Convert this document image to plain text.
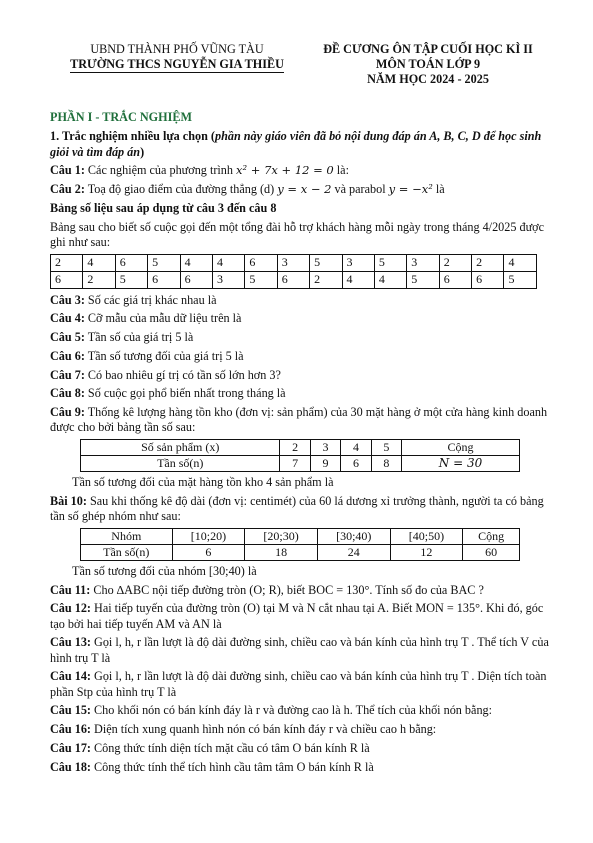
UBND THÀNH PHỐ VŨNG TÀU
TRƯỜNG THCS NGUYỄN GIA THIỀU
ĐỀ CƯƠNG ÔN TẬP CUỐI HỌC KÌ II
MÔN TOÁN LỚP 9
NĂM HỌC 2024 - 2025

PHẦN I - TRẮC NGHIỆM

1. Trắc nghiệm nhiều lựa chọn (phần này giáo viên đã bỏ nội dung đáp án A, B, C, D để học sinh giỏi và tìm đáp án)

Câu 1: Các nghiệm của phương trình x² + 7x + 12 = 0 là:

Câu 2: Toạ độ giao điểm của đường thẳng (d) y = x − 2 và parabol y = −x² là

Bảng số liệu sau áp dụng từ câu 3 đến câu 8

Bảng sau cho biết số cuộc gọi đến một tổng đài hỗ trợ khách hàng mỗi ngày trong tháng 4/2025 được ghi như sau:

2	4	6	5	4	4	6	3	5	3	5	3	2	2	4
6	2	5	6	6	3	5	6	2	4	4	5	6	6	5

Câu 3: Số các giá trị khác nhau là

Câu 4: Cỡ mẫu của mẫu dữ liệu trên là

Câu 5: Tần số của giá trị 5 là

Câu 6: Tần số tương đối của giá trị 5 là

Câu 7: Có bao nhiêu gí trị có tần số lớn hơn 3?

Câu 8: Số cuộc gọi phổ biến nhất trong tháng là

Câu 9: Thống kê lượng hàng tồn kho (đơn vị: sản phẩm) của 30 mặt hàng ở một cửa hàng kinh doanh được cho bởi bảng tần số sau:

Số sản phẩm (x)	2	3	4	5	Cộng
Tần số(n)	7	9	6	8	N = 30

Tần số tương đối của mặt hàng tồn kho 4 sản phẩm là

Bài 10: Sau khi thống kê độ dài (đơn vị: centimét) của 60 lá dương xỉ trưởng thành, người ta có bảng tần số ghép nhóm như sau:

Nhóm	[10;20)	[20;30)	[30;40)	[40;50)	Cộng
Tần số(n)	6	18	24	12	60

Tần số tương đối của nhóm [30;40) là

Câu 11: Cho ∆ABC nội tiếp đường tròn (O; R), biết BOC = 130°. Tính số đo của BAC ?

Câu 12: Hai tiếp tuyến của đường tròn (O) tại M và N cắt nhau tại A. Biết MON = 135°. Khi đó, góc tạo bởi hai tiếp tuyến AM và AN là

Câu 13: Gọi l, h, r lần lượt là độ dài đường sinh, chiều cao và bán kính của hình trụ T . Thể tích V của hình trụ T là

Câu 14: Gọi l, h, r lần lượt là độ dài đường sinh, chiều cao và bán kính của hình trụ T . Diện tích toàn phần Stp của hình trụ T là

Câu 15: Cho khối nón có bán kính đáy là r và đường cao là h. Thể tích của khối nón bằng:

Câu 16: Diện tích xung quanh hình nón có bán kính đáy r và chiều cao h bằng:

Câu 17: Công thức tính diện tích mặt cầu có tâm O bán kính R là

Câu 18: Công thức tính thể tích hình cầu tâm tâm O bán kính R là
